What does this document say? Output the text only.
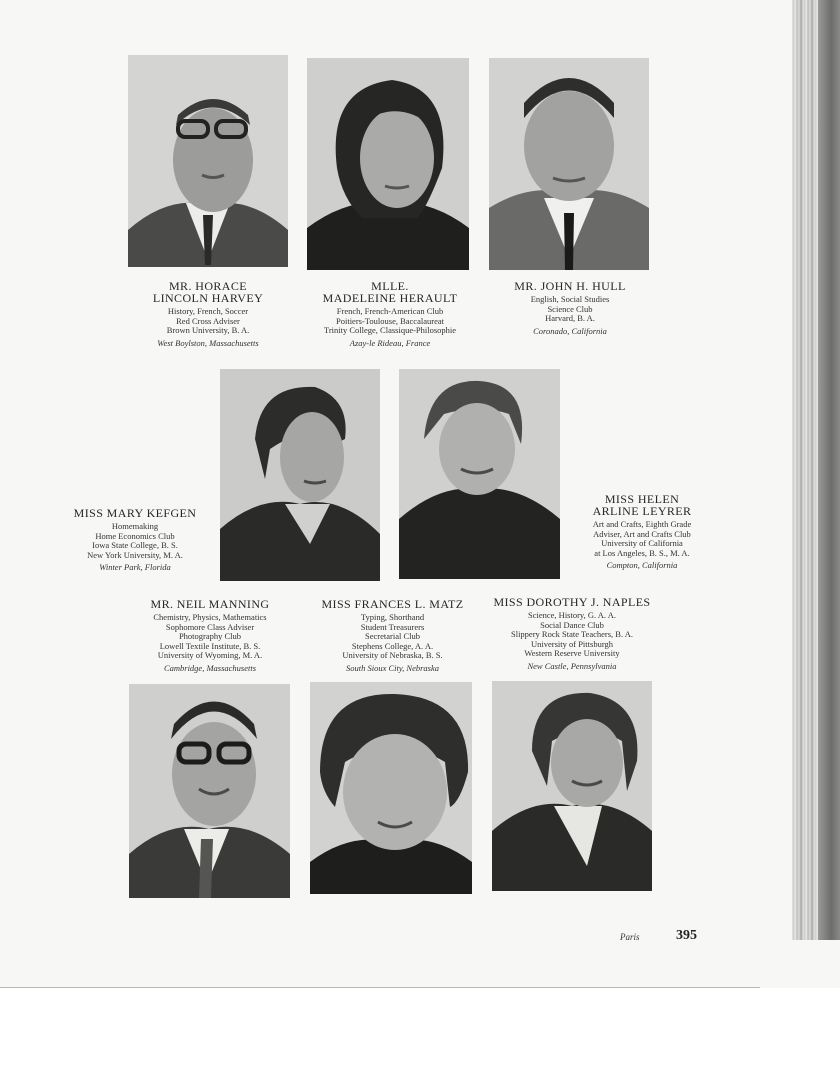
MR. HORACE
LINCOLN HARVEY
History, French, Soccer
Red Cross Adviser
Brown University, B. A.
West Boylston, Massachusetts
MLLE.
MADELEINE HERAULT
French, French-American Club
Poitiers-Toulouse, Baccalaureat
Trinity College, Classique-Philosophie
Azay-le Rideau, France
MR. JOHN H. HULL
English, Social Studies
Science Club
Harvard, B. A.
Coronado, California
MISS MARY KEFGEN
Homemaking
Home Economics Club
Iowa State College, B. S.
New York University, M. A.
Winter Park, Florida
MISS HELEN
ARLINE LEYRER
Art and Crafts, Eighth Grade
Adviser, Art and Crafts Club
University of California
at Los Angeles, B. S., M. A.
Compton, California
MR. NEIL MANNING
Chemistry, Physics, Mathematics
Sophomore Class Adviser
Photography Club
Lowell Textile Institute, B. S.
University of Wyoming, M. A.
Cambridge, Massachusetts
MISS FRANCES L. MATZ
Typing, Shorthand
Student Treasurers
Secretarial Club
Stephens College, A. A.
University of Nebraska, B. S.
South Sioux City, Nebraska
MISS DOROTHY J. NAPLES
Science, History, G. A. A.
Social Dance Club
Slippery Rock State Teachers, B. A.
University of Pittsburgh
Western Reserve University
New Castle, Pennsylvania
Paris	395
